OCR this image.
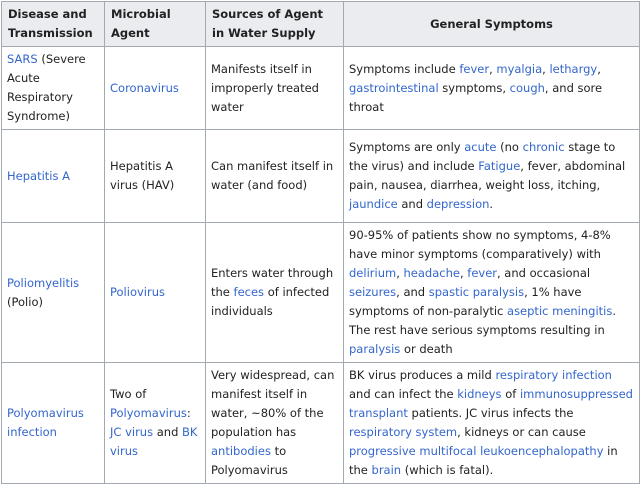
Disease and Transmission	Microbial Agent	Sources of Agent in Water Supply	General Symptoms
SARS (Severe Acute Respiratory Syndrome)	Coronavirus	Manifests itself in improperly treated water	Symptoms include fever, myalgia, lethargy, gastrointestinal symptoms, cough, and sore throat
Hepatitis A	Hepatitis A virus (HAV)	Can manifest itself in water (and food)	Symptoms are only acute (no chronic stage to the virus) and include Fatigue, fever, abdominal pain, nausea, diarrhea, weight loss, itching, jaundice and depression.
Poliomyelitis (Polio)	Poliovirus	Enters water through the feces of infected individuals	90-95% of patients show no symptoms, 4-8% have minor symptoms (comparatively) with delirium, headache, fever, and occasional seizures, and spastic paralysis, 1% have symptoms of non-paralytic aseptic meningitis. The rest have serious symptoms resulting in paralysis or death
Polyomavirus infection	Two of Polyomavirus: JC virus and BK virus	Very widespread, can manifest itself in water, ~80% of the population has antibodies to Polyomavirus	BK virus produces a mild respiratory infection and can infect the kidneys of immunosuppressed transplant patients. JC virus infects the respiratory system, kidneys or can cause progressive multifocal leukoencephalopathy in the brain (which is fatal).
